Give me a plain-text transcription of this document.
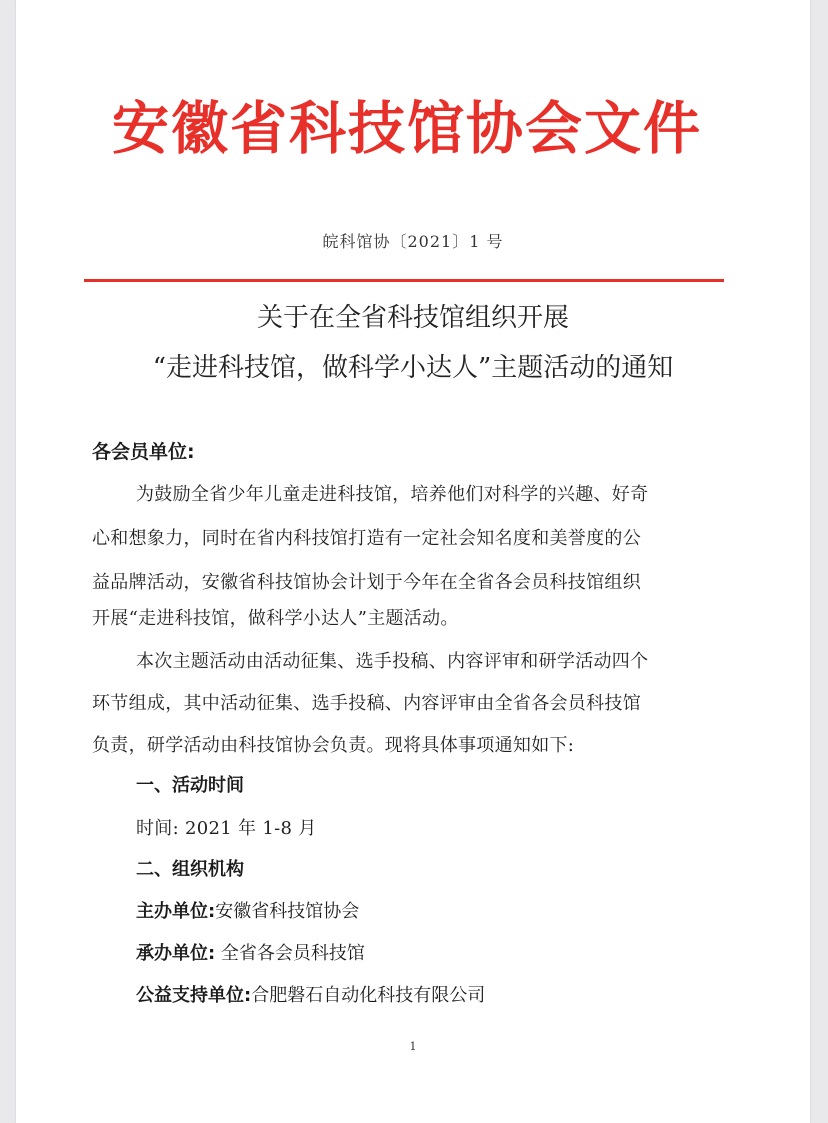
安徽省科技馆协会文件
皖科馆协〔2021〕1 号
关于在全省科技馆组织开展
“走进科技馆，做科学小达人”主题活动的通知
各会员单位:
为鼓励全省少年儿童走进科技馆，培养他们对科学的兴趣、好奇
心和想象力，同时在省内科技馆打造有一定社会知名度和美誉度的公
益品牌活动，安徽省科技馆协会计划于今年在全省各会员科技馆组织
开展“走进科技馆，做科学小达人”主题活动。
本次主题活动由活动征集、选手投稿、内容评审和研学活动四个
环节组成，其中活动征集、选手投稿、内容评审由全省各会员科技馆
负责，研学活动由科技馆协会负责。现将具体事项通知如下:
一、活动时间
时间: 2021 年 1-8 月
二、组织机构
主办单位:安徽省科技馆协会
承办单位: 全省各会员科技馆
公益支持单位:合肥磐石自动化科技有限公司
1
